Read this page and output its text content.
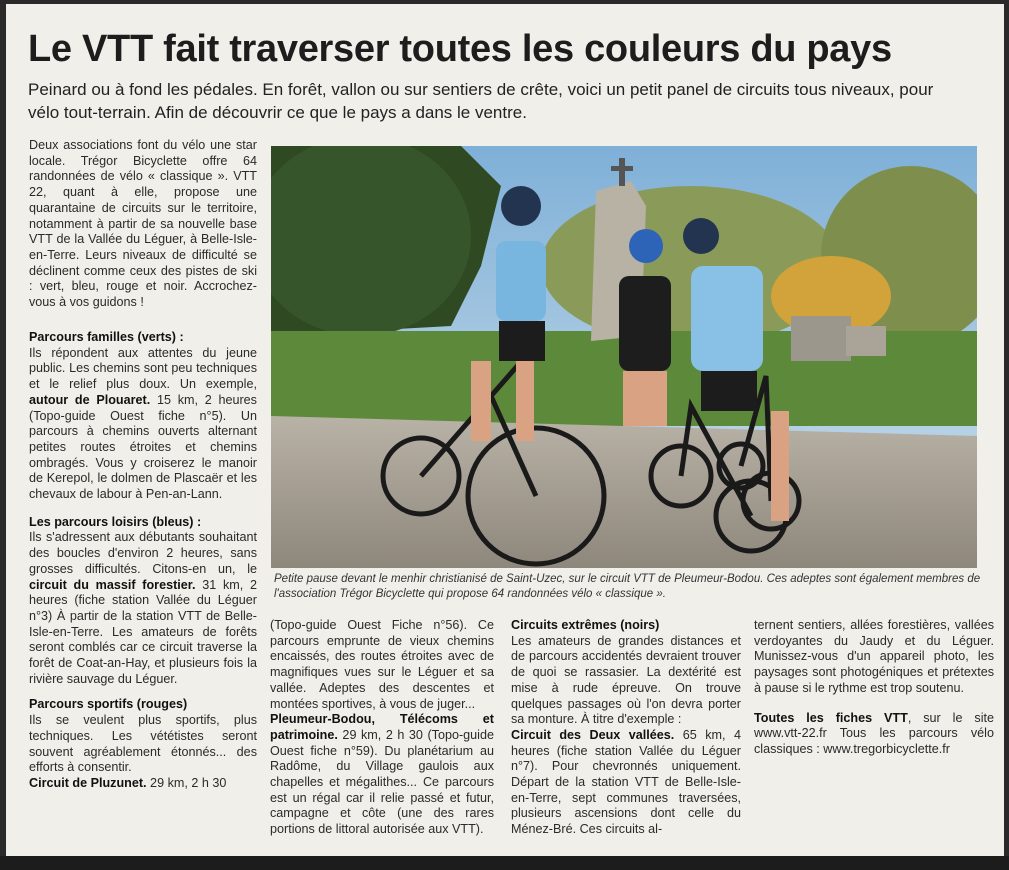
Le VTT fait traverser toutes les couleurs du pays

Peinard ou à fond les pédales. En forêt, vallon ou sur sentiers de crête, voici un petit panel de circuits tous niveaux, pour vélo tout-terrain. Afin de découvrir ce que le pays a dans le ventre.

Deux associations font du vélo une star locale. Trégor Bicyclette offre 64 randonnées de vélo « classique ». VTT 22, quant à elle, propose une quarantaine de circuits sur le territoire, notamment à partir de sa nouvelle base VTT de la Vallée du Léguer, à Belle-Isle-en-Terre. Leurs niveaux de difficulté se déclinent comme ceux des pistes de ski : vert, bleu, rouge et noir. Accrochez-vous à vos guidons !

Parcours familles (verts) :
Ils répondent aux attentes du jeune public. Les chemins sont peu techniques et le relief plus doux. Un exemple, autour de Plouaret. 15 km, 2 heures (Topo-guide Ouest fiche n°5). Un parcours à chemins ouverts alternant petites routes étroites et chemins ombragés. Vous y croiserez le manoir de Kerepol, le dolmen de Plascaër et les chevaux de labour à Pen-an-Lann.

Les parcours loisirs (bleus) :
Ils s'adressent aux débutants souhaitant des boucles d'environ 2 heures, sans grosses difficultés. Citons-en un, le circuit du massif forestier. 31 km, 2 heures (fiche station Vallée du Léguer n°3) À partir de la station VTT de Belle-Isle-en-Terre. Les amateurs de forêts seront comblés car ce circuit traverse la forêt de Coat-an-Hay, et plusieurs fois la rivière sauvage du Léguer.

Parcours sportifs (rouges)
Ils se veulent plus sportifs, plus techniques. Les vététistes seront souvent agréablement étonnés... des efforts à consentir.
Circuit de Pluzunet. 29 km, 2 h 30

Petite pause devant le menhir christianisé de Saint-Uzec, sur le circuit VTT de Pleumeur-Bodou. Ces adeptes sont également membres de l'association Trégor Bicyclette qui propose 64 randonnées vélo « classique ».

(Topo-guide Ouest Fiche n°56). Ce parcours emprunte de vieux chemins encaissés, des routes étroites avec de magnifiques vues sur le Léguer et sa vallée. Adeptes des descentes et montées sportives, à vous de juger...
Pleumeur-Bodou, Télécoms et patrimoine. 29 km, 2 h 30 (Topo-guide Ouest fiche n°59). Du planétarium au Radôme, du Village gaulois aux chapelles et mégalithes... Ce parcours est un régal car il relie passé et futur, campagne et côte (une des rares portions de littoral autorisée aux VTT).

Circuits extrêmes (noirs)
Les amateurs de grandes distances et de parcours accidentés devraient trouver de quoi se rassasier. La dextérité est mise à rude épreuve. On trouve quelques passages où l'on devra porter sa monture. À titre d'exemple :
Circuit des Deux vallées. 65 km, 4 heures (fiche station Vallée du Léguer n°7). Pour chevronnés uniquement. Départ de la station VTT de Belle-Isle-en-Terre, sept communes traversées, plusieurs ascensions dont celle du Ménez-Bré. Ces circuits al-

ternent sentiers, allées forestières, vallées verdoyantes du Jaudy et du Léguer. Munissez-vous d'un appareil photo, les paysages sont photogéniques et prétextes à pause si le rythme est trop soutenu.

Toutes les fiches VTT, sur le site www.vtt-22.fr Tous les parcours vélo classiques : www.tregorbicyclette.fr
